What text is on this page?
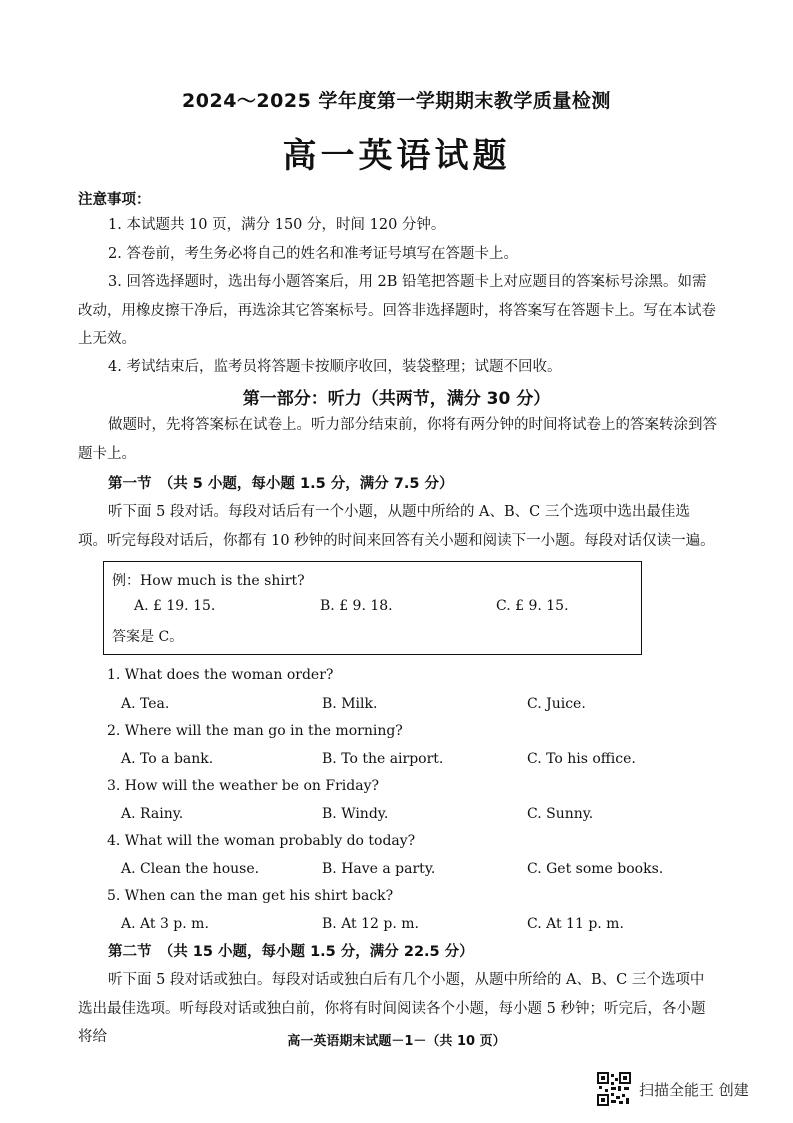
2024～2025 学年度第一学期期末教学质量检测
高一英语试题
注意事项：
1. 本试题共 10 页，满分 150 分，时间 120 分钟。
2. 答卷前，考生务必将自己的姓名和准考证号填写在答题卡上。
3. 回答选择题时，选出每小题答案后，用 2B 铅笔把答题卡上对应题目的答案标号涂黑。如需改动，用橡皮擦干净后，再选涂其它答案标号。回答非选择题时，将答案写在答题卡上。写在本试卷上无效。
4. 考试结束后，监考员将答题卡按顺序收回，装袋整理；试题不回收。
第一部分：听力（共两节，满分 30 分）
做题时，先将答案标在试卷上。听力部分结束前，你将有两分钟的时间将试卷上的答案转涂到答题卡上。
第一节　（共 5 小题，每小题 1.5 分，满分 7.5 分）
听下面 5 段对话。每段对话后有一个小题，从题中所给的 A、B、C 三个选项中选出最佳选项。听完每段对话后，你都有 10 秒钟的时间来回答有关小题和阅读下一小题。每段对话仅读一遍。
例：How much is the shirt?
A. £ 19. 15.	B. £ 9. 18.	C. £ 9. 15.
答案是 C。
1. What does the woman order?
A. Tea.	B. Milk.	C. Juice.
2. Where will the man go in the morning?
A. To a bank.	B. To the airport.	C. To his office.
3. How will the weather be on Friday?
A. Rainy.	B. Windy.	C. Sunny.
4. What will the woman probably do today?
A. Clean the house.	B. Have a party.	C. Get some books.
5. When can the man get his shirt back?
A. At 3 p. m.	B. At 12 p. m.	C. At 11 p. m.
第二节　（共 15 小题，每小题 1.5 分，满分 22.5 分）
听下面 5 段对话或独白。每段对话或独白后有几个小题，从题中所给的 A、B、C 三个选项中选出最佳选项。听每段对话或独白前，你将有时间阅读各个小题，每小题 5 秒钟；听完后，各小题将给	高一英语期末试题－1－（共 10 页）
扫描全能王 创建
